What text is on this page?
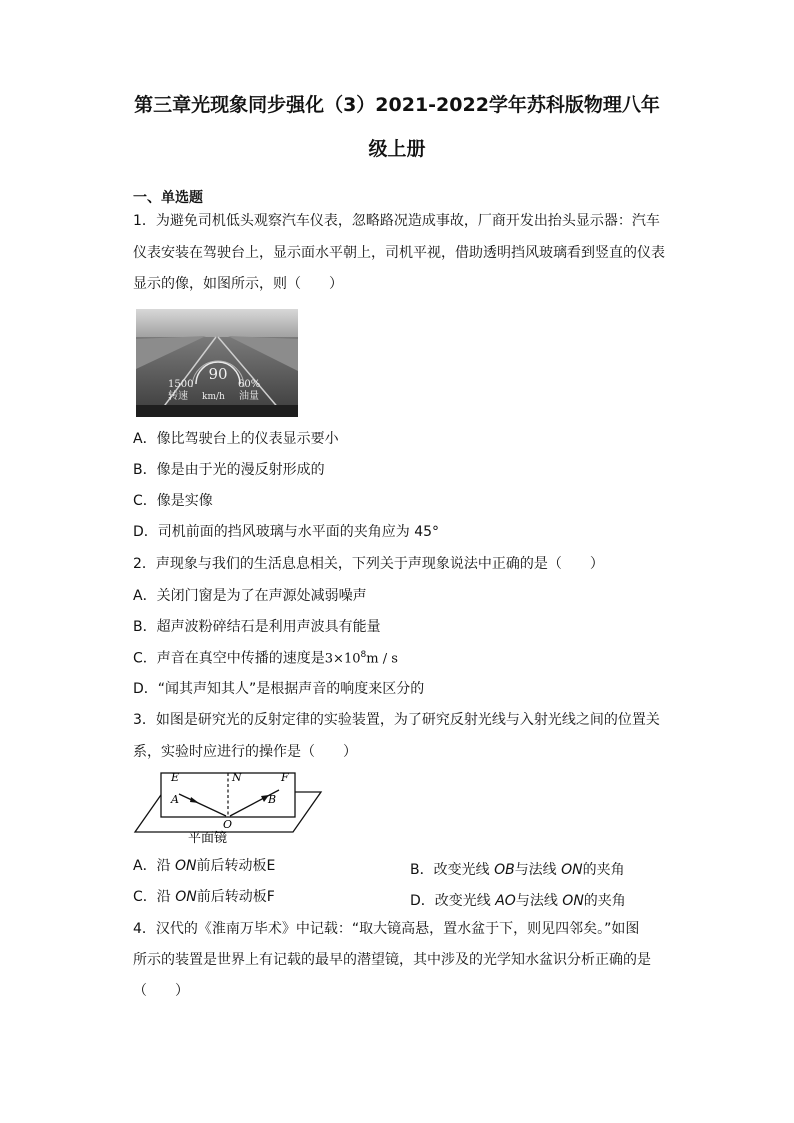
第三章光现象同步强化（3）2021-2022学年苏科版物理八年
级上册
一、单选题
1．为避免司机低头观察汽车仪表，忽略路况造成事故，厂商开发出抬头显示器：汽车
仪表安装在驾驶台上，显示面水平朝上，司机平视，借助透明挡风玻璃看到竖直的仪表
显示的像，如图所示，则（　　）
90
1500	60%
转速 km/h 油量
A．像比驾驶台上的仪表显示要小
B．像是由于光的漫反射形成的
C．像是实像
D．司机前面的挡风玻璃与水平面的夹角应为 45°
2．声现象与我们的生活息息相关，下列关于声现象说法中正确的是（　　）
A．关闭门窗是为了在声源处减弱噪声
B．超声波粉碎结石是利用声波具有能量
C．声音在真空中传播的速度是$3\times 10^8m / s$
D．“闻其声知其人”是根据声音的响度来区分的
3．如图是研究光的反射定律的实验装置，为了研究反射光线与入射光线之间的位置关
系，实验时应进行的操作是（　　）
E	N	F
A	B
O
平面镜
A．沿 ON前后转动板E	B．改变光线 OB与法线 ON的夹角
C．沿 ON前后转动板F	D．改变光线 AO与法线 ON的夹角
4．汉代的《淮南万毕术》中记载：“取大镜高悬，置水盆于下，则见四邻矣。”如图
所示的装置是世界上有记载的最早的潜望镜，其中涉及的光学知水盆识分析正确的是
（　　）
